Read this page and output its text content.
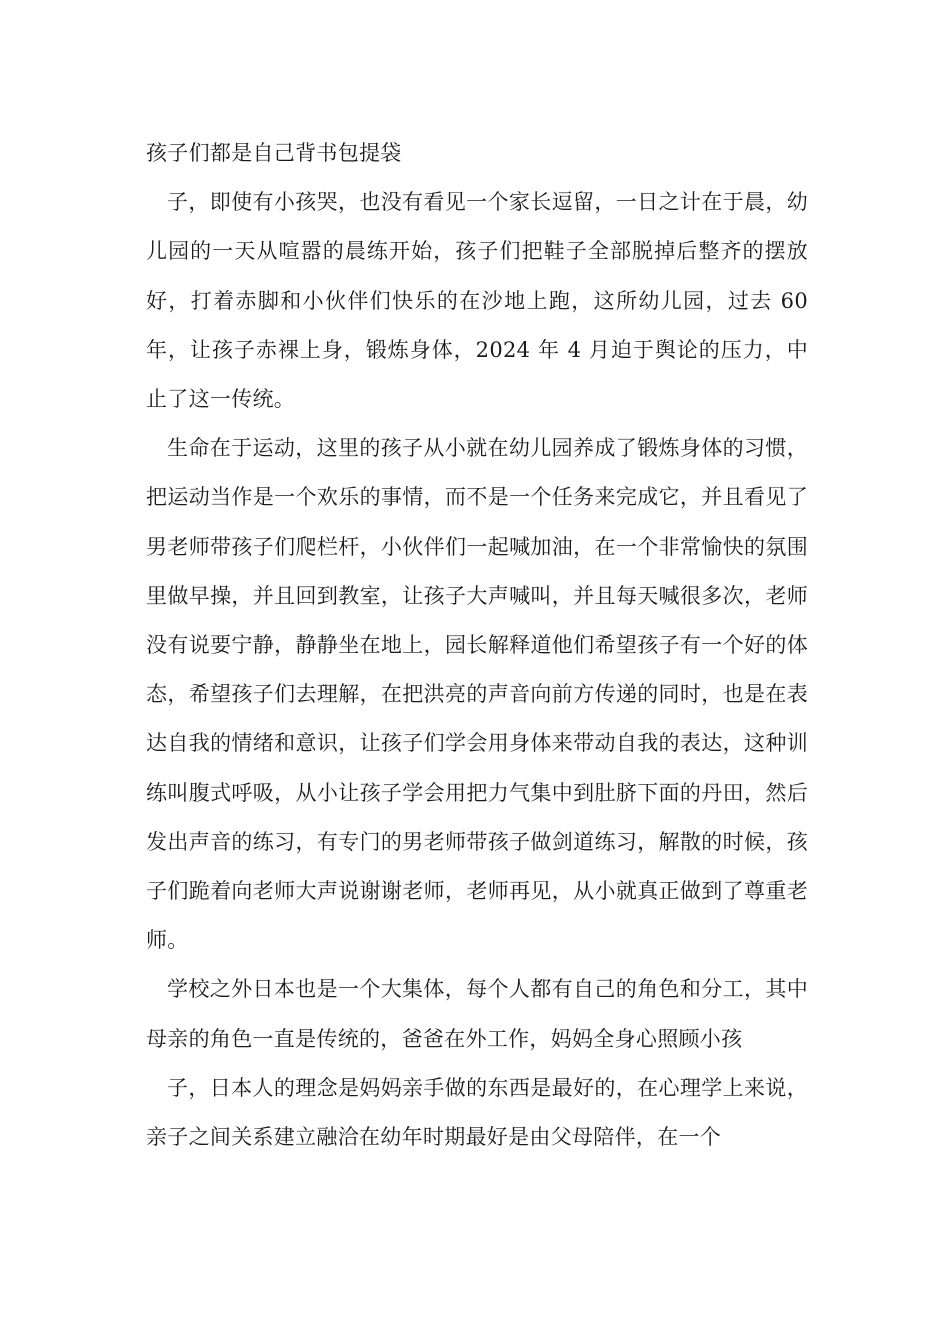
孩子们都是自己背书包提袋

子，即使有小孩哭，也没有看见一个家长逗留，一日之计在于晨，幼儿园的一天从喧嚣的晨练开始，孩子们把鞋子全部脱掉后整齐的摆放好，打着赤脚和小伙伴们快乐的在沙地上跑，这所幼儿园，过去 60年，让孩子赤裸上身，锻炼身体，2024 年 4 月迫于舆论的压力，中止了这一传统。

生命在于运动，这里的孩子从小就在幼儿园养成了锻炼身体的习惯，把运动当作是一个欢乐的事情，而不是一个任务来完成它，并且看见了男老师带孩子们爬栏杆，小伙伴们一起喊加油，在一个非常愉快的氛围里做早操，并且回到教室，让孩子大声喊叫，并且每天喊很多次，老师没有说要宁静，静静坐在地上，园长解释道他们希望孩子有一个好的体态，希望孩子们去理解，在把洪亮的声音向前方传递的同时，也是在表达自我的情绪和意识，让孩子们学会用身体来带动自我的表达，这种训练叫腹式呼吸，从小让孩子学会用把力气集中到肚脐下面的丹田，然后发出声音的练习，有专门的男老师带孩子做剑道练习，解散的时候，孩子们跪着向老师大声说谢谢老师，老师再见，从小就真正做到了尊重老师。

学校之外日本也是一个大集体，每个人都有自己的角色和分工，其中母亲的角色一直是传统的，爸爸在外工作，妈妈全身心照顾小孩

子，日本人的理念是妈妈亲手做的东西是最好的，在心理学上来说，亲子之间关系建立融洽在幼年时期最好是由父母陪伴，在一个
